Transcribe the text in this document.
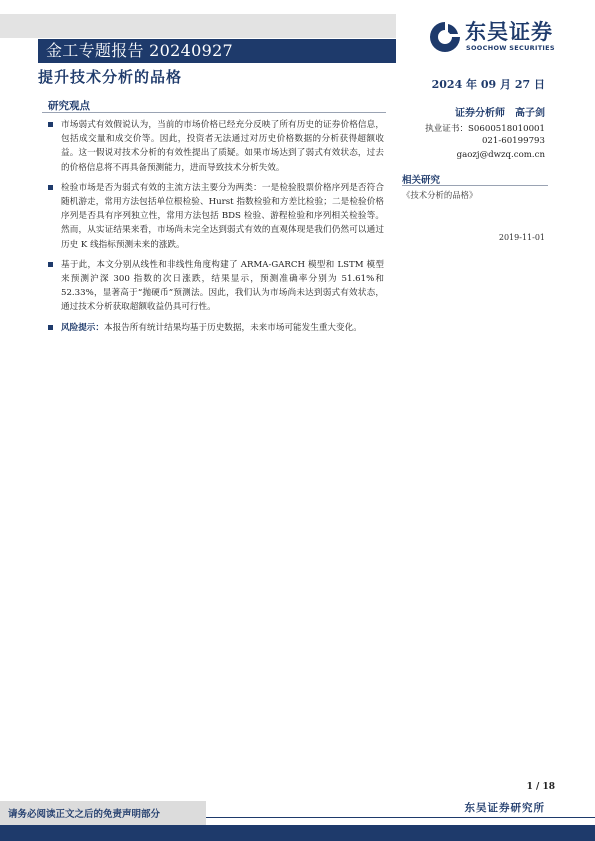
金工专题报告 20240927
提升技术分析的品格
东吴证券
SOOCHOW SECURITIES
2024 年 09 月 27 日
研究观点
市场弱式有效假说认为，当前的市场价格已经充分反映了所有历史的证券价格信息，包括成交量和成交价等。因此，投资者无法通过对历史价格数据的分析获得超额收益。这一假说对技术分析的有效性提出了质疑。如果市场达到了弱式有效状态，过去的价格信息将不再具备预测能力，进而导致技术分析失效。
检验市场是否为弱式有效的主流方法主要分为两类：一是检验股票价格序列是否符合随机游走，常用方法包括单位根检验、Hurst 指数检验和方差比检验；二是检验价格序列是否具有序列独立性，常用方法包括 BDS 检验、游程检验和序列相关检验等。然而，从实证结果来看，市场尚未完全达到弱式有效的直观体现是我们仍然可以通过历史 K 线指标预测未来的涨跌。
基于此，本文分别从线性和非线性角度构建了 ARMA-GARCH 模型和 LSTM 模型来预测沪深 300 指数的次日涨跌，结果显示，预测准确率分别为 51.61%和 52.33%，显著高于“抛硬币”预测法。因此，我们认为市场尚未达到弱式有效状态，通过技术分析获取超额收益仍具可行性。
风险提示：本报告所有统计结果均基于历史数据，未来市场可能发生重大变化。
证券分析师　高子剑
执业证书：S0600518010001
021-60199793
gaozj@dwzq.com.cn
相关研究
《技术分析的品格》
2019-11-01
1 / 18
请务必阅读正文之后的免责声明部分
东吴证券研究所
